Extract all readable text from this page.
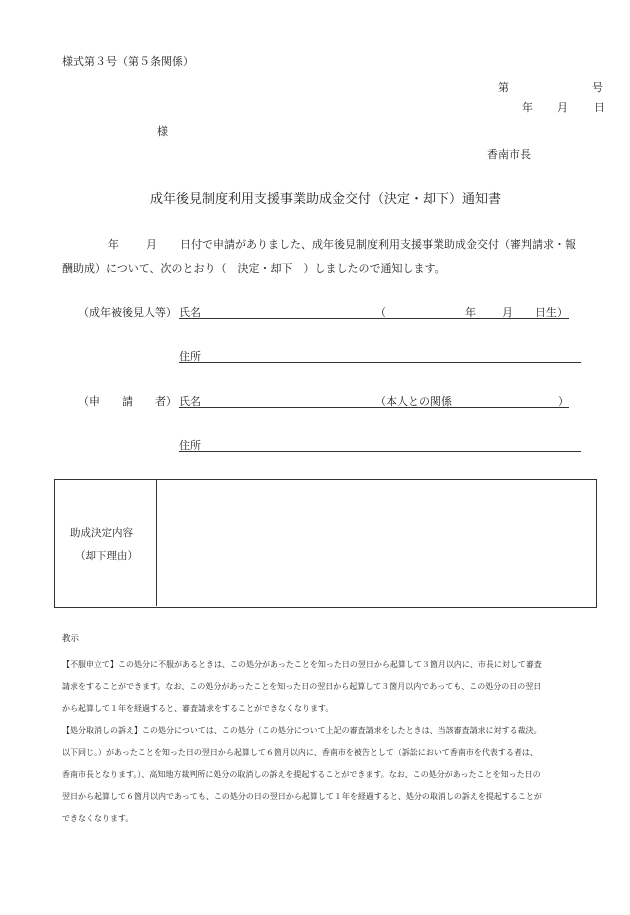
様式第３号（第５条関係）
第	号
年 月 日
様
香南市長
成年後見制度利用支援事業助成金交付（決定・却下）通知書
年 月 日付で申請がありました、成年後見制度利用支援事業助成金交付（審判請求・報
酬助成）について、次のとおり（　決定・却下　）しましたので通知します。
（成年被後見人等） 氏名	（	年 月 日生）
住所
（申　　請　　者） 氏名	（本人との関係	）
住所
助成決定内容
（却下理由）
教示

【不服申立て】この処分に不服があるときは、この処分があったことを知った日の翌日から起算して３箇月以内に、市長に対して審査

請求をすることができます。なお、この処分があったことを知った日の翌日から起算して３箇月以内であっても、この処分の日の翌日

から起算して１年を経過すると、審査請求をすることができなくなります。

【処分取消しの訴え】この処分については、この処分（この処分について上記の審査請求をしたときは、当該審査請求に対する裁決。

以下同じ。）があったことを知った日の翌日から起算して６箇月以内に、香南市を被告として（訴訟において香南市を代表する者は、

香南市長となります。）、高知地方裁判所に処分の取消しの訴えを提起することができます。なお、この処分があったことを知った日の

翌日から起算して６箇月以内であっても、この処分の日の翌日から起算して１年を経過すると、処分の取消しの訴えを提起することが

できなくなります。
